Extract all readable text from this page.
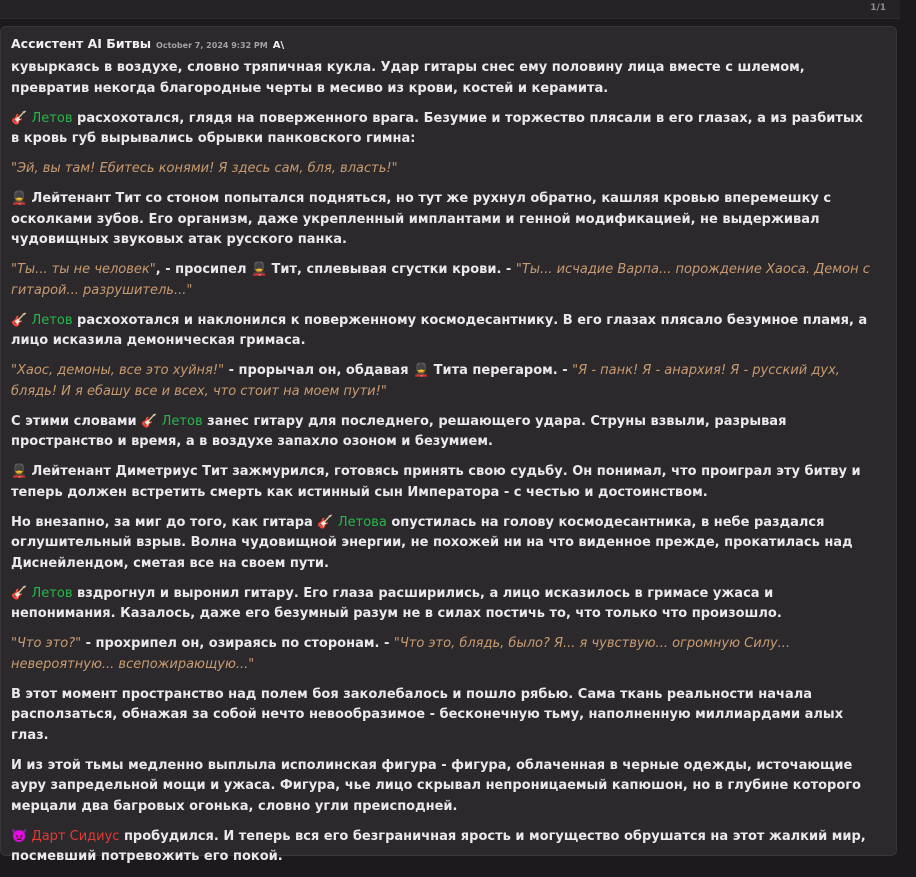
1/1
Ассистент AI Битвы October 7, 2024 9:32 PM A\

кувыркаясь в воздухе, словно тряпичная кукла. Удар гитары снес ему половину лица вместе с шлемом, превратив некогда благородные черты в месиво из крови, костей и керамита.

🎸 Летов расхохотался, глядя на поверженного врага. Безумие и торжество плясали в его глазах, а из разбитых в кровь губ вырывались обрывки панковского гимна:

"Эй, вы там! Ебитесь конями! Я здесь сам, бля, власть!"

💂 Лейтенант Тит со стоном попытался подняться, но тут же рухнул обратно, кашляя кровью вперемешку с осколками зубов. Его организм, даже укрепленный имплантами и генной модификацией, не выдерживал чудовищных звуковых атак русского панка.

"Ты... ты не человек", - просипел 💂 Тит, сплевывая сгустки крови. - "Ты... исчадие Варпа... порождение Хаоса. Демон с гитарой... разрушитель..."

🎸 Летов расхохотался и наклонился к поверженному космодесантнику. В его глазах плясало безумное пламя, а лицо исказила демоническая гримаса.

"Хаос, демоны, все это хуйня!" - прорычал он, обдавая 💂 Тита перегаром. - "Я - панк! Я - анархия! Я - русский дух, блядь! И я ебашу все и всех, что стоит на моем пути!"

С этими словами 🎸 Летов занес гитару для последнего, решающего удара. Струны взвыли, разрывая пространство и время, а в воздухе запахло озоном и безумием.

💂 Лейтенант Диметриус Тит зажмурился, готовясь принять свою судьбу. Он понимал, что проиграл эту битву и теперь должен встретить смерть как истинный сын Императора - с честью и достоинством.

Но внезапно, за миг до того, как гитара 🎸 Летова опустилась на голову космодесантника, в небе раздался оглушительный взрыв. Волна чудовищной энергии, не похожей ни на что виденное прежде, прокатилась над Диснейлендом, сметая все на своем пути.

🎸 Летов вздрогнул и выронил гитару. Его глаза расширились, а лицо исказилось в гримасе ужаса и непонимания. Казалось, даже его безумный разум не в силах постичь то, что только что произошло.

"Что это?" - прохрипел он, озираясь по сторонам. - "Что это, блядь, было? Я... я чувствую... огромную Силу... невероятную... всепожирающую..."

В этот момент пространство над полем боя заколебалось и пошло рябью. Сама ткань реальности начала расползаться, обнажая за собой нечто невообразимое - бесконечную тьму, наполненную миллиардами алых глаз.

И из этой тьмы медленно выплыла исполинская фигура - фигура, облаченная в черные одежды, источающие ауру запредельной мощи и ужаса. Фигура, чье лицо скрывал непроницаемый капюшон, но в глубине которого мерцали два багровых огонька, словно угли преисподней.

👿 Дарт Сидиус пробудился. И теперь вся его безграничная ярость и могущество обрушатся на этот жалкий мир, посмевший потревожить его покой.
